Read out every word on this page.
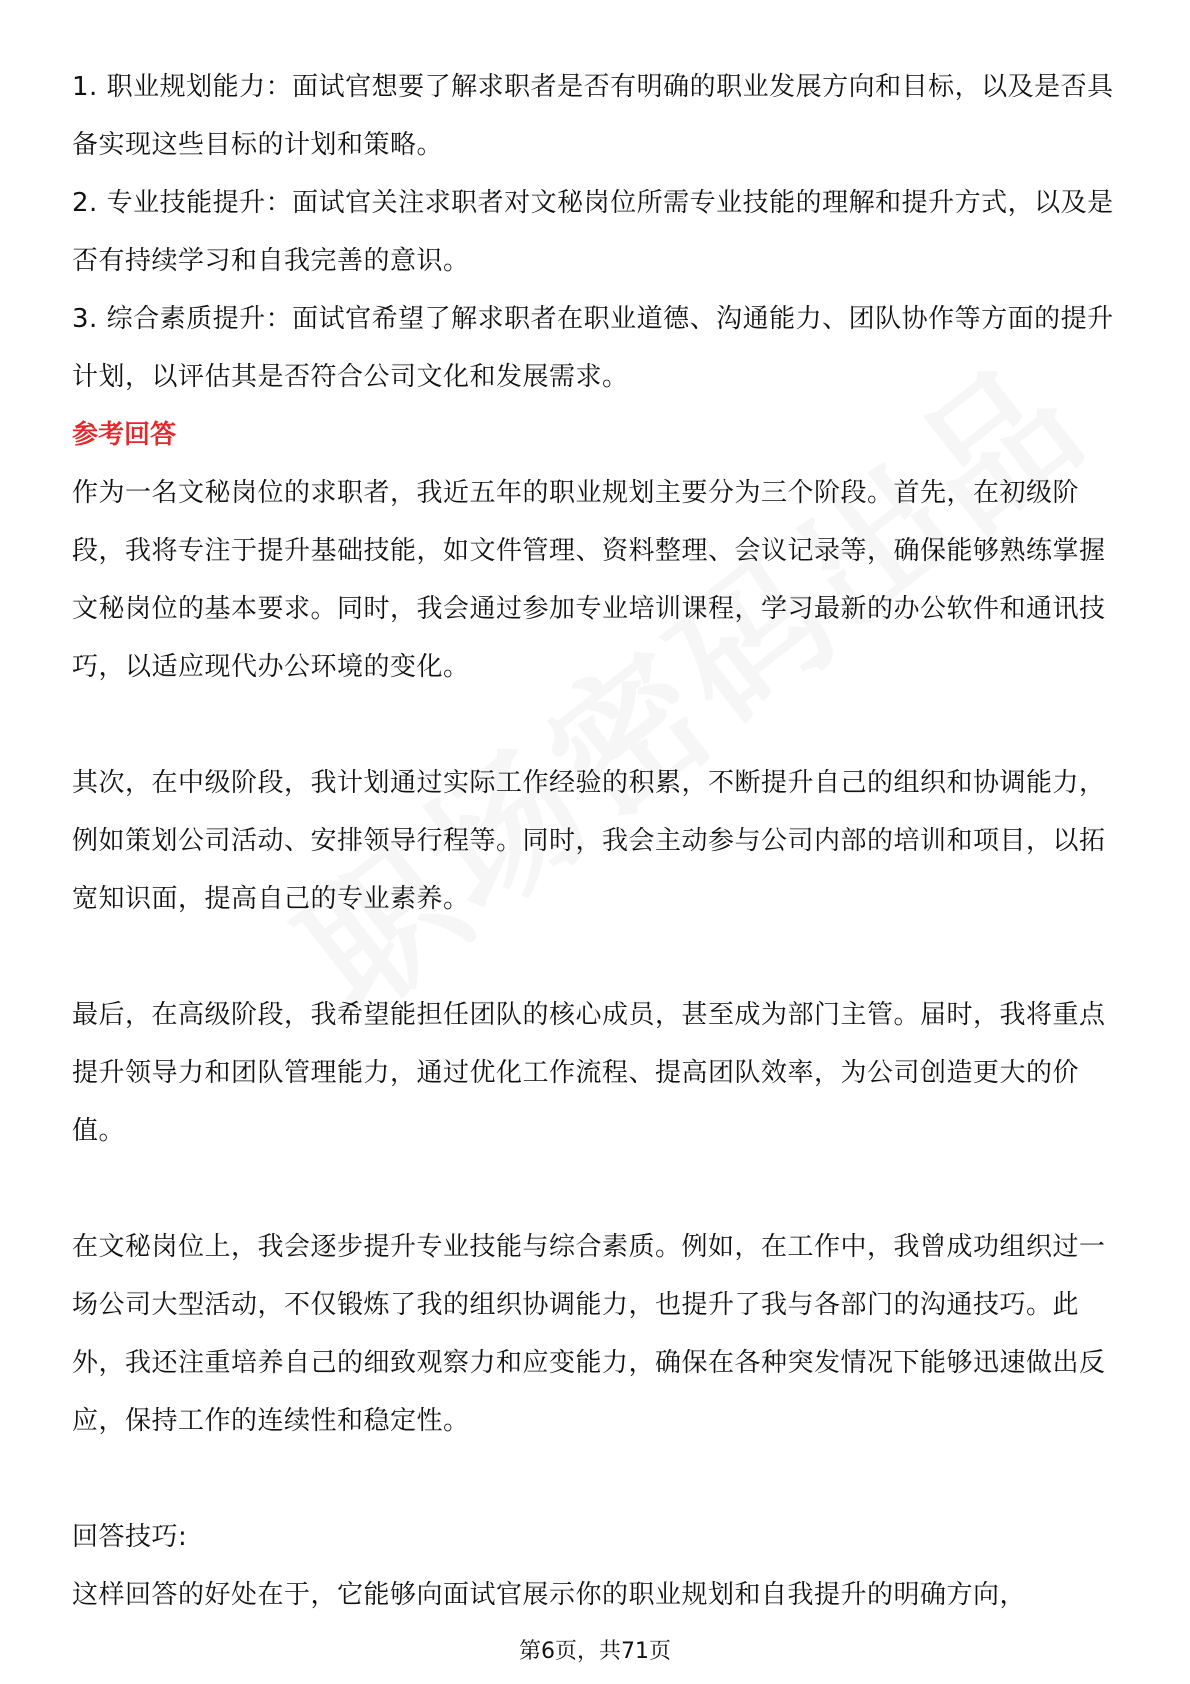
1. 职业规划能力：面试官想要了解求职者是否有明确的职业发展方向和目标，以及是否具备实现这些目标的计划和策略。

2. 专业技能提升：面试官关注求职者对文秘岗位所需专业技能的理解和提升方式，以及是否有持续学习和自我完善的意识。

3. 综合素质提升：面试官希望了解求职者在职业道德、沟通能力、团队协作等方面的提升计划，以评估其是否符合公司文化和发展需求。

参考回答

作为一名文秘岗位的求职者，我近五年的职业规划主要分为三个阶段。首先，在初级阶段，我将专注于提升基础技能，如文件管理、资料整理、会议记录等，确保能够熟练掌握文秘岗位的基本要求。同时，我会通过参加专业培训课程，学习最新的办公软件和通讯技巧，以适应现代办公环境的变化。

其次，在中级阶段，我计划通过实际工作经验的积累，不断提升自己的组织和协调能力，例如策划公司活动、安排领导行程等。同时，我会主动参与公司内部的培训和项目，以拓宽知识面，提高自己的专业素养。

最后，在高级阶段，我希望能担任团队的核心成员，甚至成为部门主管。届时，我将重点提升领导力和团队管理能力，通过优化工作流程、提高团队效率，为公司创造更大的价值。

在文秘岗位上，我会逐步提升专业技能与综合素质。例如，在工作中，我曾成功组织过一场公司大型活动，不仅锻炼了我的组织协调能力，也提升了我与各部门的沟通技巧。此外，我还注重培养自己的细致观察力和应变能力，确保在各种突发情况下能够迅速做出反应，保持工作的连续性和稳定性。

回答技巧:

这样回答的好处在于，它能够向面试官展示你的职业规划和自我提升的明确方向，

第6页，共71页
